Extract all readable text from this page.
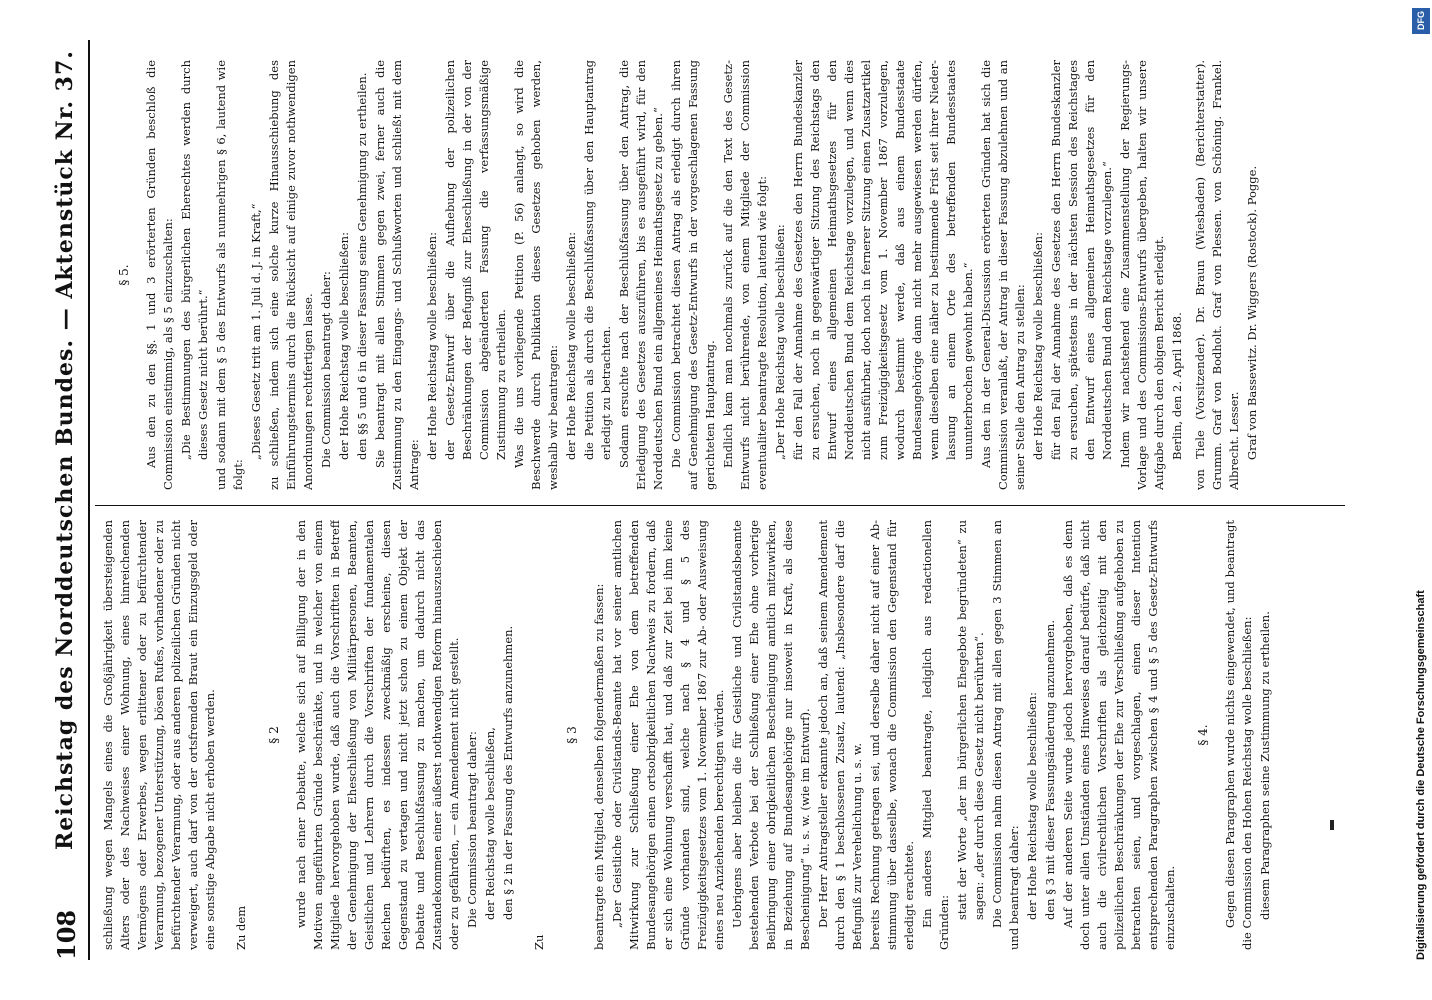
108
Reichstag des Norddeutschen Bundes. — Aktenstück Nr. 37. schließung wegen Mangels eines die Großjährigkeit übersteigenden Alters oder des Nachweises einer Wohnung, eines hinreichenden Vermögens oder Erwerbes, wegen erlittener oder zu befürchtender Verarmung, bezogener Unterstützung, bösen Rufes, vorhandener oder zu befürchtender Verarmung, oder aus anderen polizeilichen Gründen nicht verweigert, auch darf von der ortsfremden Braut ein Einzugsgeld oder eine sonstige Abgabe nicht erhoben werden. Zu dem

§ 2 wurde nach einer Debatte, welche sich auf Billigung der in den Motiven angeführten Gründe beschränkte, und in welcher von einem Mitgliede hervorgehoben wurde, daß auch die Vorschriftten in Betreff der Genehmigung der Eheschließung von Militärpersonen, Beamten, Geistlichen und Lehrern durch die Vorschriften der fundamentalen Reichen bedürften, es indessen zweckmäßig erscheine, diesen Gegenstand zu vertagen und nicht jetzt schon zu einem Objekt der Debatte und Beschlußfassung zu machen, um dadurch nicht das Zustandekommen einer äußerst nothwendigen Reform hinauszuschieben oder zu gefährden, — ein Amendement nicht gestellt. Die Commission beantragt daher: der Reichstag wolle beschließen, den § 2 in der Fassung des Entwurfs anzunehmen.

Zu

§ 3 beantragte ein Mitglied, denselben folgendermaßen zu fassen: „Der Geistliche oder Civilstands-Beamte hat vor seiner amtlichen Mitwirkung zur Schließung einer Ehe von dem betreffenden Bundesangehörigen einen ortsobrigkeitlichen Nachweis zu fordern, daß er sich eine Wohnung verschafft hat, und daß zur Zeit bei ihm keine Gründe vorhanden sind, welche nach § 4 und § 5 des Freizügigkeitsgesetzes vom 1. November 1867 zur Ab- oder Ausweisung eines neu Anziehenden berechtigen würden. Uebrigens aber bleiben die für Geistliche und Civilstandsbeamte bestehenden Verbote bei der Schließung einer Ehe ohne vorherige Beibringung einer obrigkeitlichen Bescheinigung amtlich mitzuwirken, in Beziehung auf Bundesangehörige nur insoweit in Kraft, als diese Bescheinigung“ u. s. w. (wie im Entwurf). Der Herr Antragsteller erkannte jedoch an, daß seinem Amendement durch den § 1 beschlossenen Zusatz, lautend: „Insbesondere darf die Befugniß zur Verehelichung u. s. w. bereits Rechnung getragen sei, und derselbe daher nicht auf einer Abstimmung über dasselbe, wonach die Commission den Gegenstand für erledigt erachtete. Ein anderes Mitglied beantragte, lediglich aus redactionellen Gründen:

statt der Worte „der im bürgerlichen Ehegebote begründeten“ zu sagen: „der durch diese Gesetz nicht berührten“. Die Commission nahm diesen Antrag mit allen gegen 3 Stimmen an und beantragt daher: der Hohe Reichstag wolle beschließen: den § 3 mit dieser Fassungsänderung anzunehmen. Auf der anderen Seite wurde jedoch hervorgehoben, daß es denn doch unter allen Umständen eines Hinweises darauf bedürfe, daß nicht auch die civilrechtlichen Vorschriften als gleichzeitig mit den polizeilichen Beschränkungen der Ehe zur Verschließung aufgehoben zu betrachten seien, und vorgeschlagen, einen dieser Intention entsprechenden Paragraphen zwischen § 4 und § 5 des Gesetz-Entwurfs einzuschalten.

§ 4. Gegen diesen Paragraphen wurde nichts eingewendet, und beantragt die Commission den Hohen Reichstag wolle beschließen: diesem Paragraphen seine Zustimmung zu ertheilen.

§ 5. Aus den zu den §§. 1 und 3 erörterten Gründen beschloß die Commission einstimmig, als § 5 einzuschalten: „Die Bestimmungen des bürgerlichen Eherechtes werden durch dieses Gesetz nicht berührt.“ und sodann mit dem § 5 des Entwurfs als nunmehrigen § 6, lautend wie folgt:

„Dieses Gesetz tritt am 1. Juli d. J. in Kraft,“ zu schließen, indem sich eine solche kurze Hinausschiebung des Einführungstermins durch die Rücksicht auf einige zuvor nothwendigen Anordnungen rechtfertigen lasse. Die Commission beantragt daher: der Hohe Reichstag wolle beschließen: den §§ 5 und 6 in dieser Fassung seine Genehmigung zu ertheilen. Sie beantragt mit allen Stimmen gegen zwei, ferner auch die Zustimmung zu den Eingangs- und Schlußworten und schließt mit dem Antrage:

der Hohe Reichstag wolle beschließen: der Gesetz-Entwurf über die Aufhebung der polizeilichen Beschränkungen der Befugniß zur Eheschließung in der von der Commission abgeänderten Fassung die verfassungsmäßige Zustimmung zu ertheilen. Was die uns vorliegende Petition (P. 56) anlangt, so wird die Beschwerde durch Publikation dieses Gesetzes gehoben werden, weshalb wir beantragen: der Hohe Reichstag wolle beschließen: die Petition als durch die Beschlußfassung über den Hauptantrag erledigt zu betrachten. Sodann ersuchte nach der Beschlußfassung über den Antrag, die Erledigung des Gesetzes auszuführen, bis es ausgeführt wird, für den Norddeutschen Bund ein allgemeines Heimathsgesetz zu geben.“ Die Commission betrachtet diesen Antrag als erledigt durch ihren auf Genehmigung des Gesetz-Entwurfs in der vorgeschlagenen Fassung gerichteten Hauptantrag. Endlich kam man nochmals zurück auf die den Text des Gesetz-Entwurfs nicht berührende, von einem Mitgliede der Commission eventualiter beantragte Resolution, lautend wie folgt: „Der Hohe Reichstag wolle beschließen: für den Fall der Annahme des Gesetzes den Herrn Bundeskanzler zu ersuchen, noch in gegenwärtiger Sitzung des Reichstags den Entwurf eines allgemeinen Heimathsgesetzes für den Norddeutschen Bund dem Reichstage vorzulegen, und wenn dies nicht ausführbar, doch noch in fernerer Sitzung einen Zusatzartikel zum Freizügigkeitsgesetz vom 1. November 1867 vorzulegen, wodurch bestimmt werde, daß aus einem Bundesstaate Bundesangehörige dann nicht mehr ausgewiesen werden dürfen, wenn dieselben eine näher zu bestimmende Frist seit ihrer Niederlassung an einem Orte des betreffenden Bundesstaates ununterbrochen gewohnt haben.“ Aus den in der General-Discussion erörterten Gründen hat sich die Commission veranlaßt, der Antrag in dieser Fassung abzulehnen und an seiner Stelle den Antrag zu stellen: der Hohe Reichstag wolle beschließen: für den Fall der Annahme des Gesetzes den Herrn Bundeskanzler zu ersuchen, spätestens in der nächsten Session des Reichstages den Entwurf eines allgemeinen Heimathsgesetzes für den Norddeutschen Bund dem Reichstage vorzulegen.“ Indem wir nachstehend eine Zusammenstellung der Regierungs-Vorlage und des Commissions-Entwurfs übergeben, halten wir unsere Aufgabe durch den obigen Bericht erledigt. Berlin, den 2. April 1868. von Tiele (Vorsitzender). Dr. Braun (Wiesbaden) (Berichterstatter). Grumm. Graf von Bodholt. Graf von Plessen. von Schöning. Frankel. Albrecht. Lesser. Graf von Bassewitz. Dr. Wiggers (Rostock). Pogge.

Digitalisierung gefördert durch die Deutsche Forschungsgemeinschaft
DFG
